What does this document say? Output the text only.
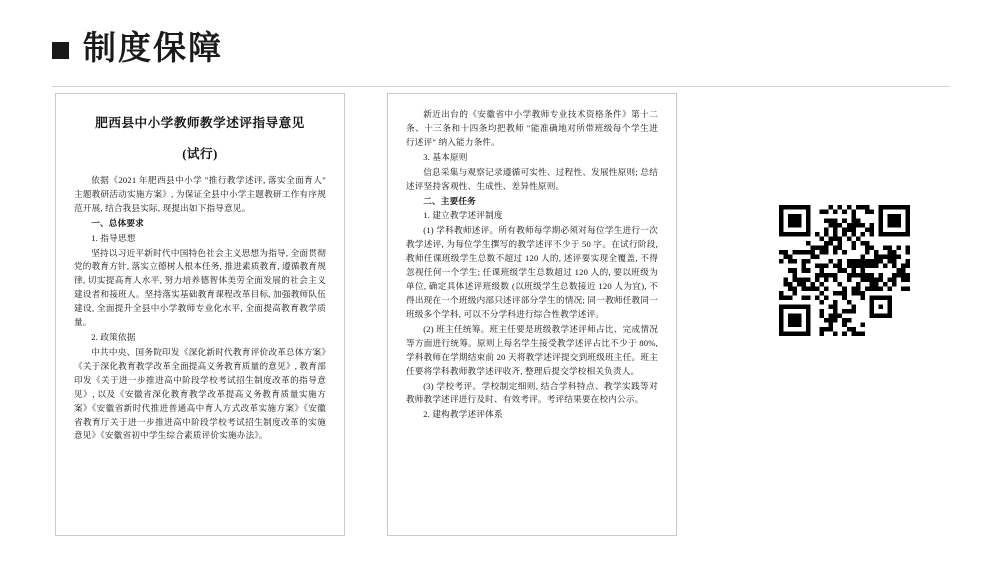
制度保障
肥西县中小学教师教学述评指导意见
(试行)
依据《2021 年肥西县中小学 "推行教学述评, 落实全面育人" 主题教研活动实施方案》, 为保证全县中小学主题教研工作有序规范开展, 结合我县实际, 现提出如下指导意见。
一、总体要求
1. 指导思想
坚持以习近平新时代中国特色社会主义思想为指导, 全面贯彻党的教育方针, 落实立德树人根本任务, 推进素质教育, 遵循教育规律, 切实提高育人水平, 努力培养德智体美劳全面发展的社会主义建设者和接班人。坚持落实基础教育课程改革目标, 加强教师队伍建设, 全面提升全县中小学教师专业化水平, 全面提高教育教学质量。
2. 政策依据
中共中央、国务院印发《深化新时代教育评价改革总体方案》《关于深化教育教学改革全面提高义务教育质量的意见》, 教育部印发《关于进一步推进高中阶段学校考试招生制度改革的指导意见》, 以及《安徽省深化教育教学改革提高义务教育质量实施方案》《安徽省新时代推进普通高中育人方式改革实施方案》《安徽省教育厅关于进一步推进高中阶段学校考试招生制度改革的实施意见》《安徽省初中学生综合素质评价实施办法》。
新近出台的《安徽省中小学教师专业技术资格条件》第十二条、十三条和十四条均把教师 "能准确地对所带班级每个学生进行述评" 纳入能力条件。
3. 基本原则
信息采集与观察记录遵循可实性、过程性、发展性原则; 总结述评坚持客观性、生成性、差异性原则。
二、主要任务
1. 建立教学述评制度
(1) 学科教师述评。所有教师每学期必须对每位学生进行一次教学述评, 为每位学生撰写的教学述评不少于 50 字。在试行阶段, 教师任课班级学生总数不超过 120 人的, 述评要实现全覆盖, 不得忽视任何一个学生; 任课班级学生总数超过 120 人的, 要以班级为单位, 确定具体述评班级数 (以班级学生总数接近 120 人为宜), 不得出现在一个班级内部只述评部分学生的情况; 同一教师任教同一班级多个学科, 可以不分学科进行综合性教学述评。
(2) 班主任统筹。班主任要是班级教学述评师占比、完成情况等方面进行统筹。原则上每名学生接受教学述评占比不少于 80%, 学科教师在学期结束前 20 天将教学述评提交到班级班主任。班主任要将学科教师教学述评收齐, 整理后提交学校相关负责人。
(3) 学校考评。学校制定细则, 结合学科特点、教学实践等对教师教学述评进行及时、有效考评。考评结果要在校内公示。
2. 建构教学述评体系
